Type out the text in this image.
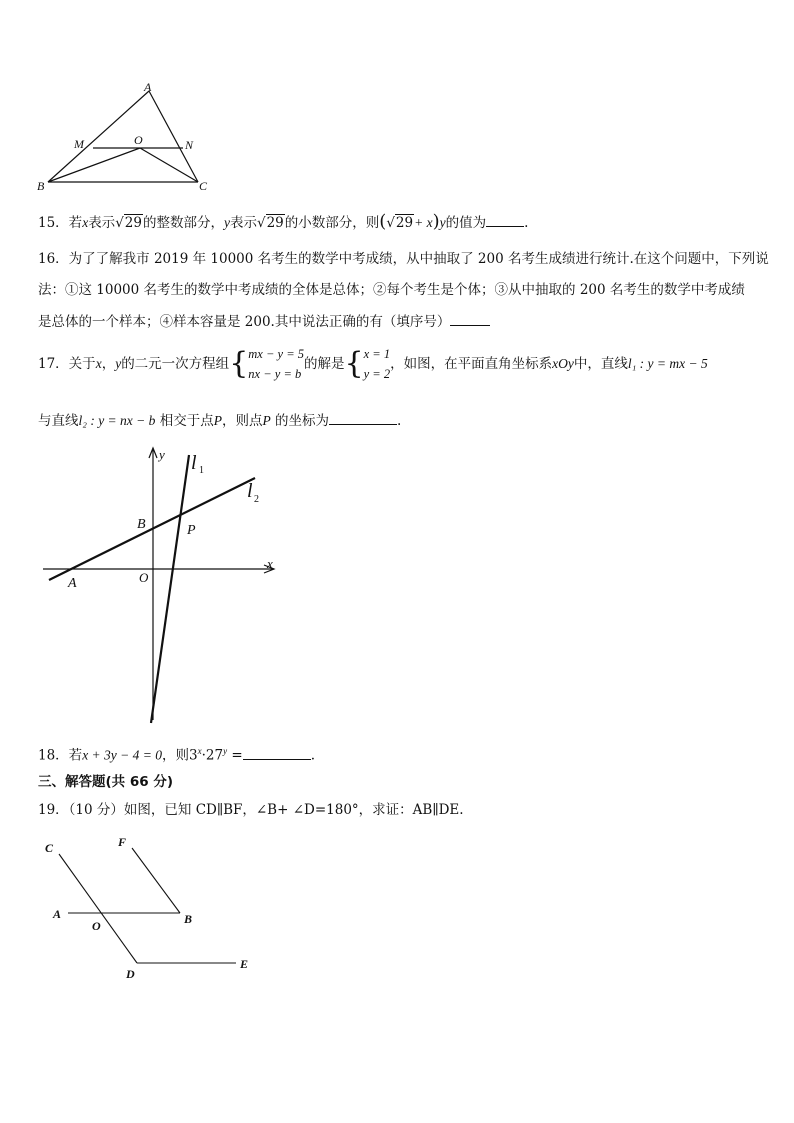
A
M	O	N
B	C
15．若x表示√29的整数部分，y表示√29的小数部分，则(√29+ x)y的值为	.
16．为了了解我市 2019 年 10000 名考生的数学中考成绩，从中抽取了 200 名考生成绩进行统计.在这个问题中，下列说
法：①这 10000 名考生的数学中考成绩的全体是总体；②每个考生是个体；③从中抽取的 200 名考生的数学中考成绩
是总体的一个样本；④样本容量是 200.其中说法正确的有（填序号）
17．关于 x ， y 的二元一次方程组 { mx − y = 5
nx − y = b
的解是 { x = 1
y = 2
，如图，在平面直角坐标系 xOy 中，直线 l₁ : y = mx − 5
与直线l₂ : y = nx − b 相交于点P，则点P 的坐标为	.
y l 1
l 2
B	P
x
A	O
18．若x + 3y − 4 = 0，则$3^x\cdot 27^y$ =	.
三、解答题(共 66 分)
19．（10 分）如图，已知 CD∥BF，∠B+ ∠D=180°，求证：AB∥DE.
C	F
A
O	B
D
E
